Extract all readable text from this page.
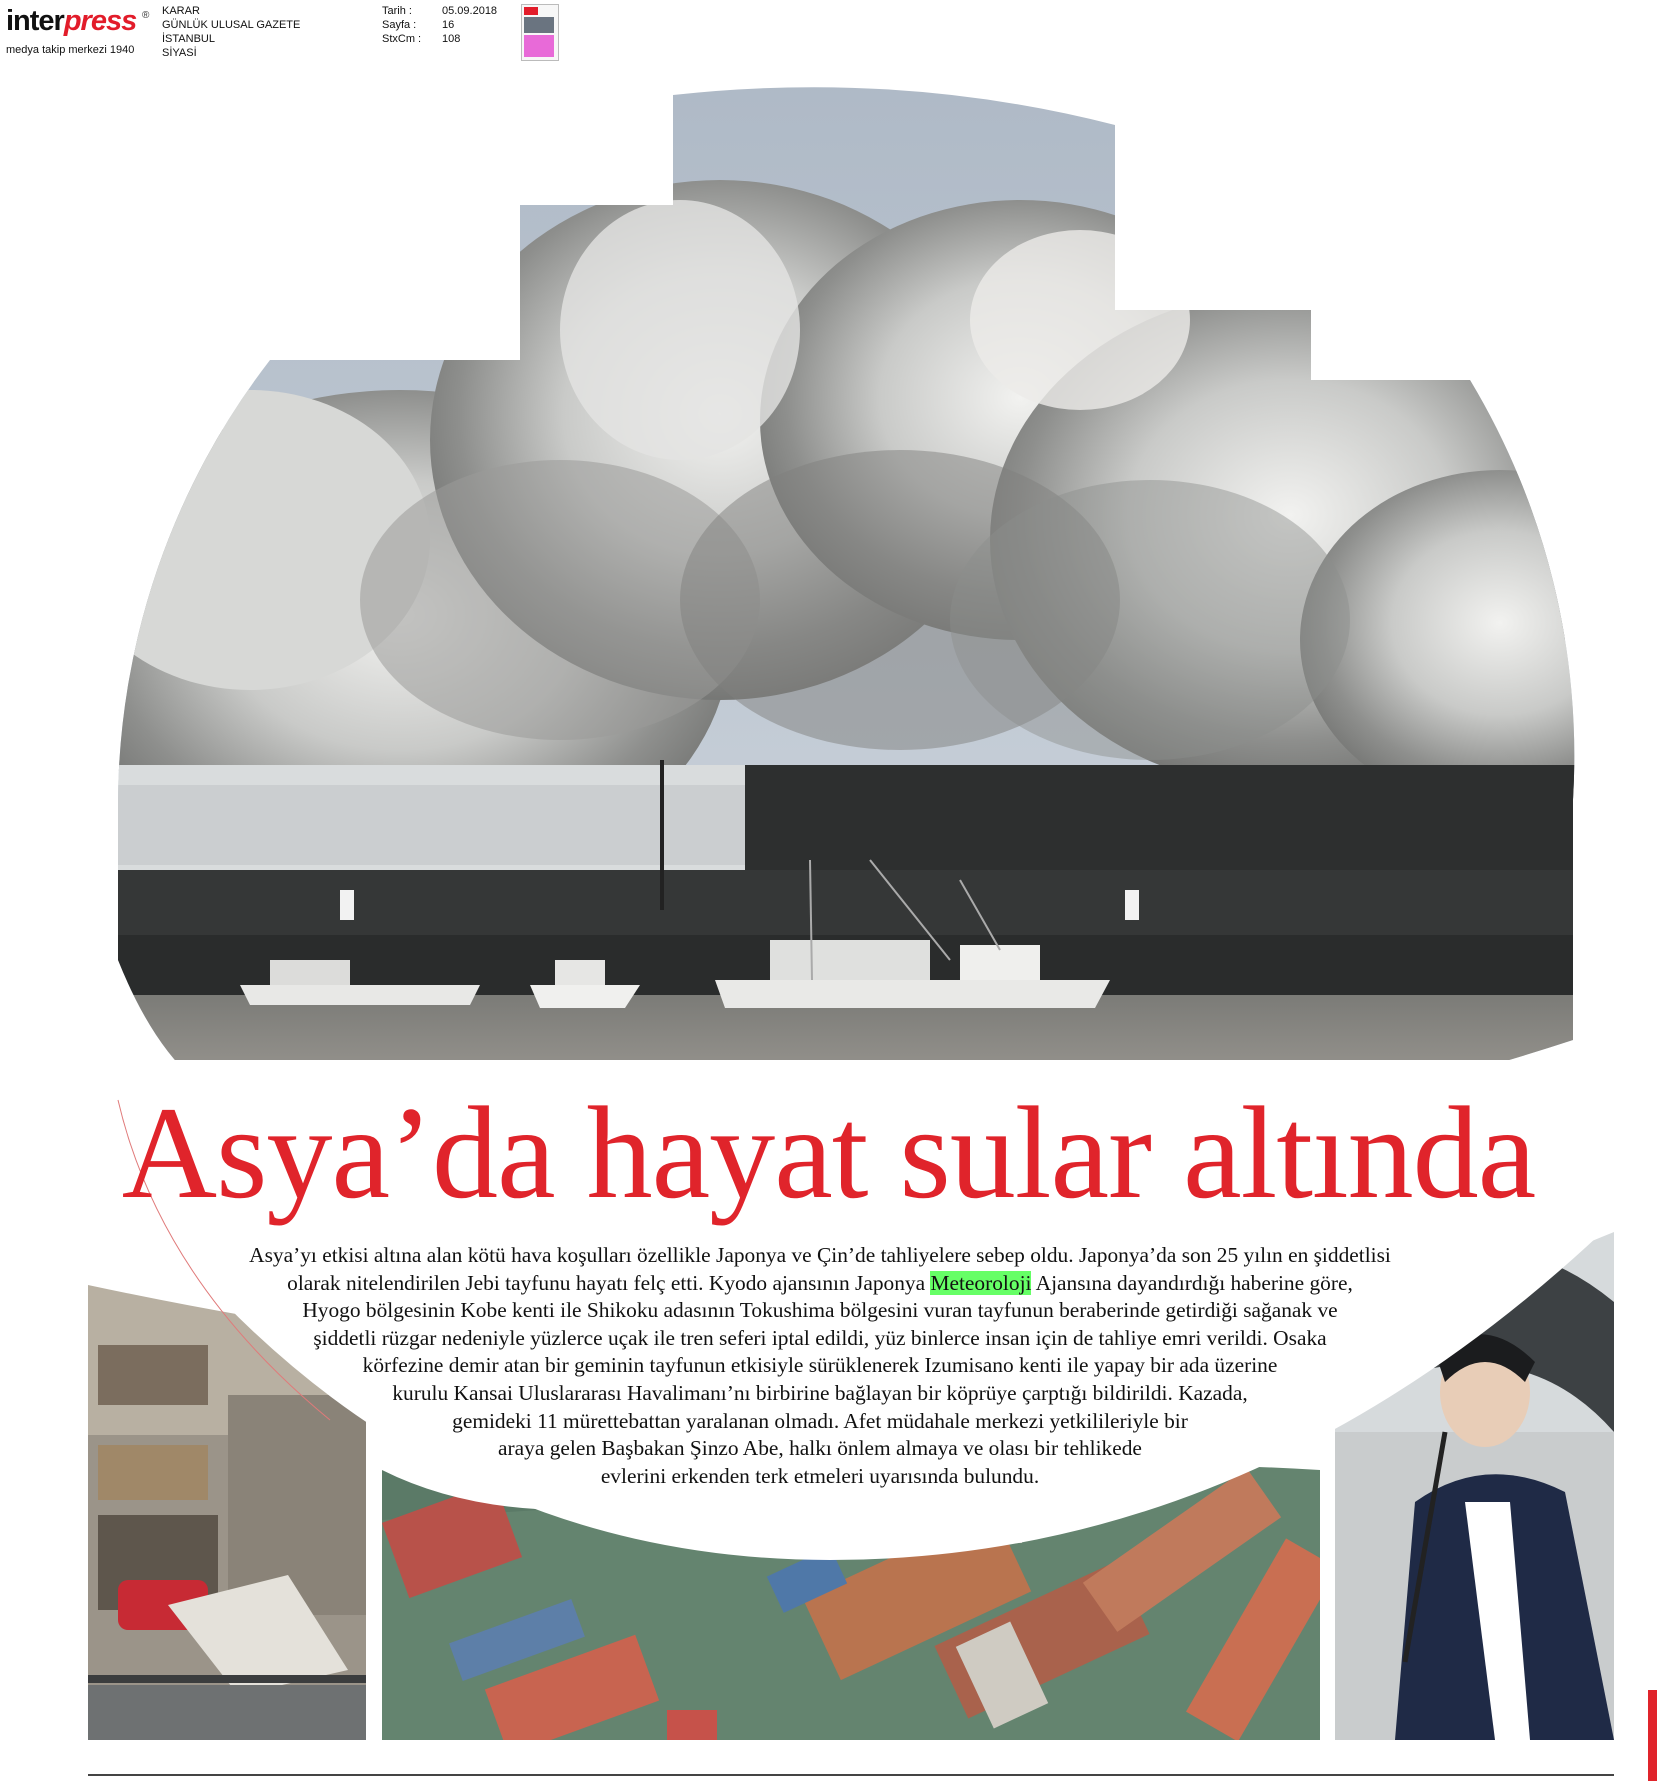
interpress ®
medya takip merkezi 1940
KARAR
GÜNLÜK ULUSAL GAZETE
İSTANBUL
SİYASİ
Tarih :
Sayfa :
StxCm :
05.09.2018
16
108
Asya’da hayat sular altında
Asya’yı etkisi altına alan kötü hava koşulları özellikle Japonya ve Çin’de tahliyelere sebep oldu. Japonya’da son 25 yılın en şiddetlisi
olarak nitelendirilen Jebi tayfunu hayatı felç etti. Kyodo ajansının Japonya Meteoroloji Ajansına dayandırdığı haberine göre,
Hyogo bölgesinin Kobe kenti ile Shikoku adasının Tokushima bölgesini vuran tayfunun beraberinde getirdiği sağanak ve
şiddetli rüzgar nedeniyle yüzlerce uçak ile tren seferi iptal edildi, yüz binlerce insan için de tahliye emri verildi. Osaka
körfezine demir atan bir geminin tayfunun etkisiyle sürüklenerek Izumisano kenti ile yapay bir ada üzerine
kurulu Kansai Uluslararası Havalimanı’nı birbirine bağlayan bir köprüye çarptığı bildirildi. Kazada,
gemideki 11 mürettebattan yaralanan olmadı. Afet müdahale merkezi yetkilileriyle bir
araya gelen Başbakan Şinzo Abe, halkı önlem almaya ve olası bir tehlikede
evlerini erkenden terk etmeleri uyarısında bulundu.
